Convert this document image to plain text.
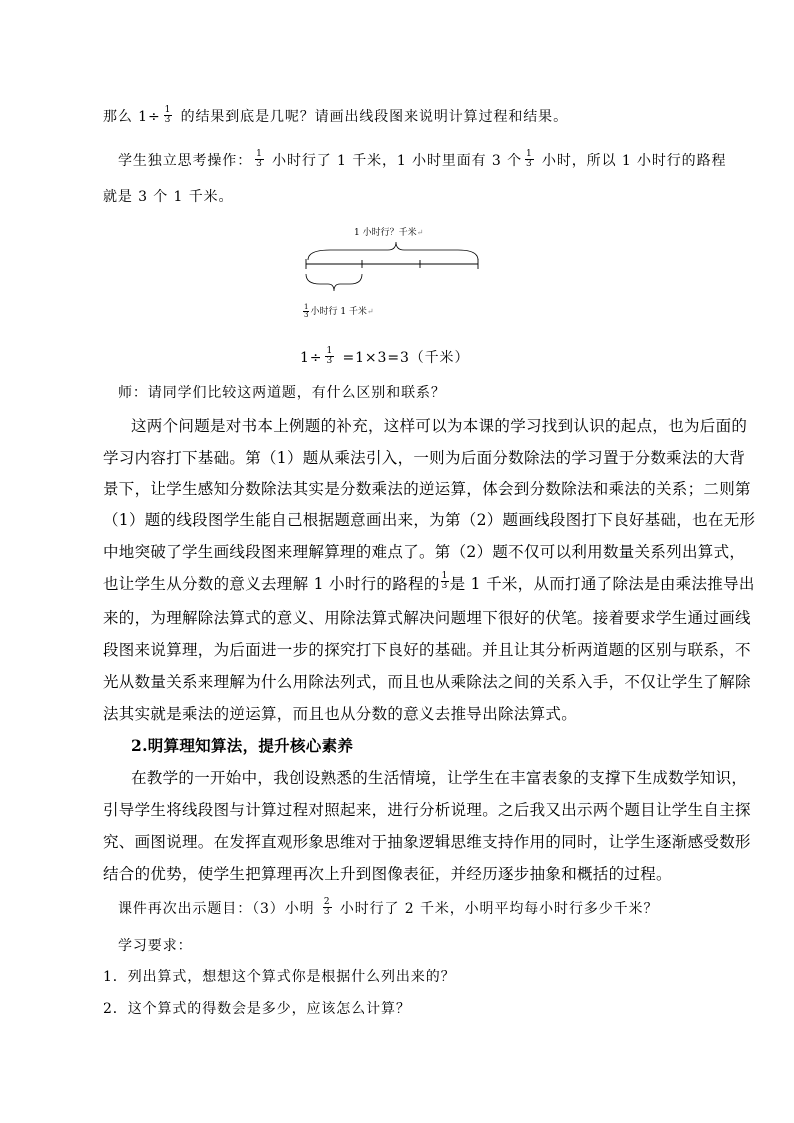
那么 $1\div \frac{1}{3}$ 的结果到底是几呢？请画出线段图来说明计算过程和结果。
学生独立思考操作： $\frac{1}{3}$ 小时行了 1 千米，1 小时里面有 3 个 $\frac{1}{3}$ 小时，所以 1 小时行的路程
就是 3 个 1 千米。
1 小时行？千米↵
$\frac{1}{3}$ 小时行 1 千米↵
$1\div \frac{1}{3} =1\times 3=3$（千米）
师：请同学们比较这两道题，有什么区别和联系？
这两个问题是对书本上例题的补充，这样可以为本课的学习找到认识的起点，也为后面的
学习内容打下基础。第（1）题从乘法引入，一则为后面分数除法的学习置于分数乘法的大背
景下，让学生感知分数除法其实是分数乘法的逆运算，体会到分数除法和乘法的关系；二则第
（1）题的线段图学生能自己根据题意画出来，为第（2）题画线段图打下良好基础，也在无形
中地突破了学生画线段图来理解算理的难点了。第（2）题不仅可以利用数量关系列出算式，
也让学生从分数的意义去理解 1 小时行的路程的 $\frac{1}{3}$ 是 1 千米，从而打通了除法是由乘法推导出
来的，为理解除法算式的意义、用除法算式解决问题埋下很好的伏笔。接着要求学生通过画线
段图来说算理，为后面进一步的探究打下良好的基础。并且让其分析两道题的区别与联系，不
光从数量关系来理解为什么用除法列式，而且也从乘除法之间的关系入手，不仅让学生了解除
法其实就是乘法的逆运算，而且也从分数的意义去推导出除法算式。
2.明算理知算法，提升核心素养
在教学的一开始中，我创设熟悉的生活情境，让学生在丰富表象的支撑下生成数学知识，
引导学生将线段图与计算过程对照起来，进行分析说理。之后我又出示两个题目让学生自主探
究、画图说理。在发挥直观形象思维对于抽象逻辑思维支持作用的同时，让学生逐渐感受数形
结合的优势，使学生把算理再次上升到图像表征，并经历逐步抽象和概括的过程。
课件再次出示题目：（3）小明 $\frac{2}{3}$ 小时行了 2 千米，小明平均每小时行多少千米？
学习要求：
1．列出算式，想想这个算式你是根据什么列出来的？
2．这个算式的得数会是多少，应该怎么计算？
